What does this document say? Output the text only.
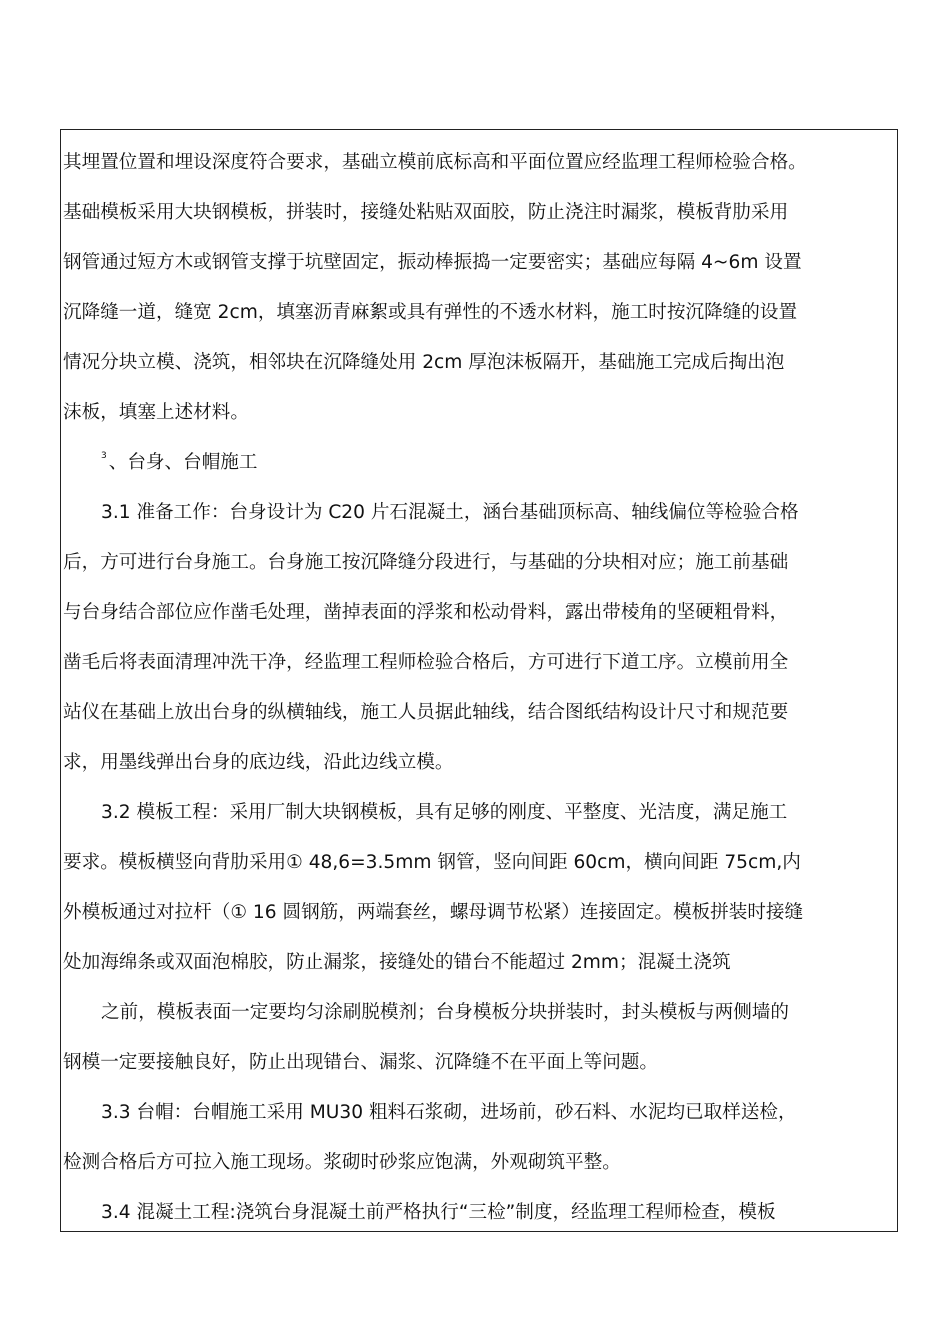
其埋置位置和埋设深度符合要求，基础立模前底标高和平面位置应经监理工程师检验合格。
基础模板采用大块钢模板，拼装时，接缝处粘贴双面胶，防止浇注时漏浆，模板背肋采用
钢管通过短方木或钢管支撑于坑壁固定，振动棒振捣一定要密实；基础应每隔 4~6m 设置
沉降缝一道，缝宽 2cm，填塞沥青麻絮或具有弹性的不透水材料，施工时按沉降缝的设置
情况分块立模、浇筑，相邻块在沉降缝处用 2cm 厚泡沫板隔开，基础施工完成后掏出泡
沫板，填塞上述材料。
$^3$ 、台身、台帽施工
3.1 准备工作：台身设计为 C20 片石混凝土，涵台基础顶标高、轴线偏位等检验合格
后，方可进行台身施工。台身施工按沉降缝分段进行，与基础的分块相对应；施工前基础
与台身结合部位应作凿毛处理，凿掉表面的浮浆和松动骨料，露出带棱角的坚硬粗骨料，
凿毛后将表面清理冲洗干净，经监理工程师检验合格后，方可进行下道工序。立模前用全
站仪在基础上放出台身的纵横轴线，施工人员据此轴线，结合图纸结构设计尺寸和规范要
求，用墨线弹出台身的底边线，沿此边线立模。
3.2 模板工程：采用厂制大块钢模板，具有足够的刚度、平整度、光洁度，满足施工
要求。模板横竖向背肋采用① 48,6=3.5mm 钢管，竖向间距 60cm，横向间距 75cm,内
外模板通过对拉杆（① 16 圆钢筋，两端套丝，螺母调节松紧）连接固定。模板拼装时接缝
处加海绵条或双面泡棉胶，防止漏浆，接缝处的错台不能超过 2mm；混凝土浇筑
之前，模板表面一定要均匀涂刷脱模剂；台身模板分块拼装时，封头模板与两侧墙的
钢模一定要接触良好，防止出现错台、漏浆、沉降缝不在平面上等问题。
3.3 台帽：台帽施工采用 MU30 粗料石浆砌，进场前，砂石料、水泥均已取样送检，
检测合格后方可拉入施工现场。浆砌时砂浆应饱满，外观砌筑平整。
3.4 混凝土工程:浇筑台身混凝土前严格执行“三检”制度，经监理工程师检查，模板
